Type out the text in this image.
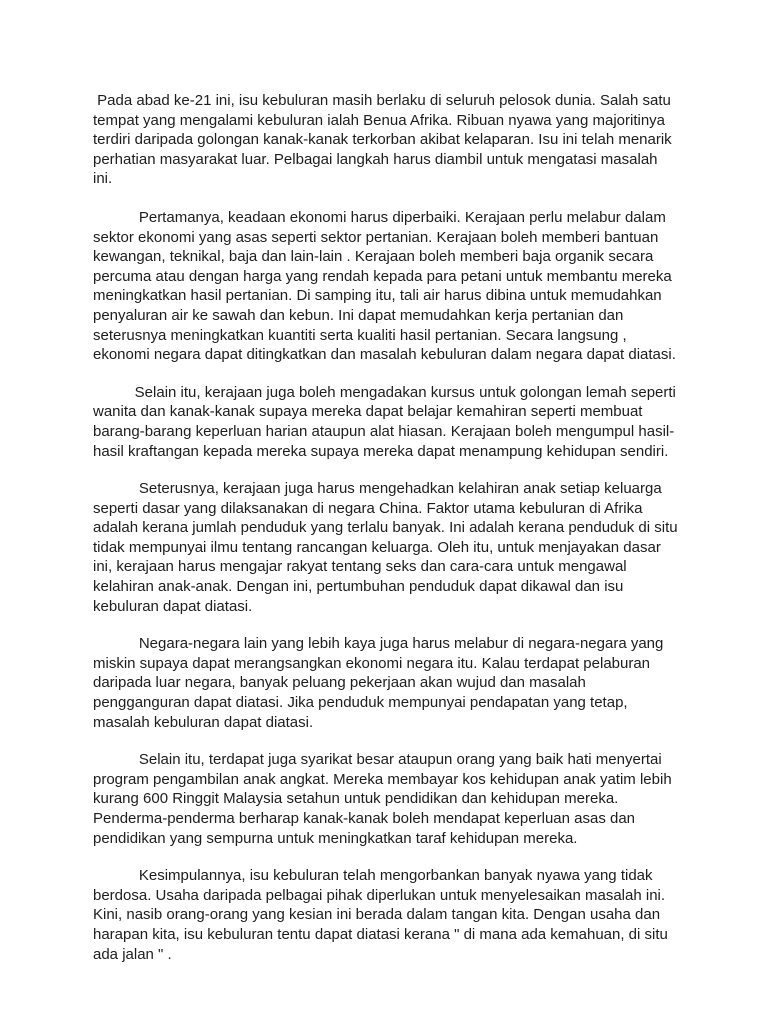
Pada abad ke-21 ini, isu kebuluran masih berlaku di seluruh pelosok dunia. Salah satu
tempat yang mengalami kebuluran ialah Benua Afrika. Ribuan nyawa yang majoritinya
terdiri daripada golongan kanak-kanak terkorban akibat kelaparan. Isu ini telah menarik
perhatian masyarakat luar. Pelbagai langkah harus diambil untuk mengatasi masalah
ini.
Pertamanya, keadaan ekonomi harus diperbaiki. Kerajaan perlu melabur dalam
sektor ekonomi yang asas seperti sektor pertanian. Kerajaan boleh memberi bantuan
kewangan, teknikal, baja dan lain-lain . Kerajaan boleh memberi baja organik secara
percuma atau dengan harga yang rendah kepada para petani untuk membantu mereka
meningkatkan hasil pertanian. Di samping itu, tali air harus dibina untuk memudahkan
penyaluran air ke sawah dan kebun. Ini dapat memudahkan kerja pertanian dan
seterusnya meningkatkan kuantiti serta kualiti hasil pertanian. Secara langsung ,
ekonomi negara dapat ditingkatkan dan masalah kebuluran dalam negara dapat diatasi.
Selain itu, kerajaan juga boleh mengadakan kursus untuk golongan lemah seperti
wanita dan kanak-kanak supaya mereka dapat belajar kemahiran seperti membuat
barang-barang keperluan harian ataupun alat hiasan. Kerajaan boleh mengumpul hasil-
hasil kraftangan kepada mereka supaya mereka dapat menampung kehidupan sendiri.
Seterusnya, kerajaan juga harus mengehadkan kelahiran anak setiap keluarga
seperti dasar yang dilaksanakan di negara China. Faktor utama kebuluran di Afrika
adalah kerana jumlah penduduk yang terlalu banyak. Ini adalah kerana penduduk di situ
tidak mempunyai ilmu tentang rancangan keluarga. Oleh itu, untuk menjayakan dasar
ini, kerajaan harus mengajar rakyat tentang seks dan cara-cara untuk mengawal
kelahiran anak-anak. Dengan ini, pertumbuhan penduduk dapat dikawal dan isu
kebuluran dapat diatasi.
Negara-negara lain yang lebih kaya juga harus melabur di negara-negara yang
miskin supaya dapat merangsangkan ekonomi negara itu. Kalau terdapat pelaburan
daripada luar negara, banyak peluang pekerjaan akan wujud dan masalah
pengganguran dapat diatasi. Jika penduduk mempunyai pendapatan yang tetap,
masalah kebuluran dapat diatasi.
Selain itu, terdapat juga syarikat besar ataupun orang yang baik hati menyertai
program pengambilan anak angkat. Mereka membayar kos kehidupan anak yatim lebih
kurang 600 Ringgit Malaysia setahun untuk pendidikan dan kehidupan mereka.
Penderma-penderma berharap kanak-kanak boleh mendapat keperluan asas dan
pendidikan yang sempurna untuk meningkatkan taraf kehidupan mereka.
Kesimpulannya, isu kebuluran telah mengorbankan banyak nyawa yang tidak
berdosa. Usaha daripada pelbagai pihak diperlukan untuk menyelesaikan masalah ini.
Kini, nasib orang-orang yang kesian ini berada dalam tangan kita. Dengan usaha dan
harapan kita, isu kebuluran tentu dapat diatasi kerana " di mana ada kemahuan, di situ
ada jalan " .
